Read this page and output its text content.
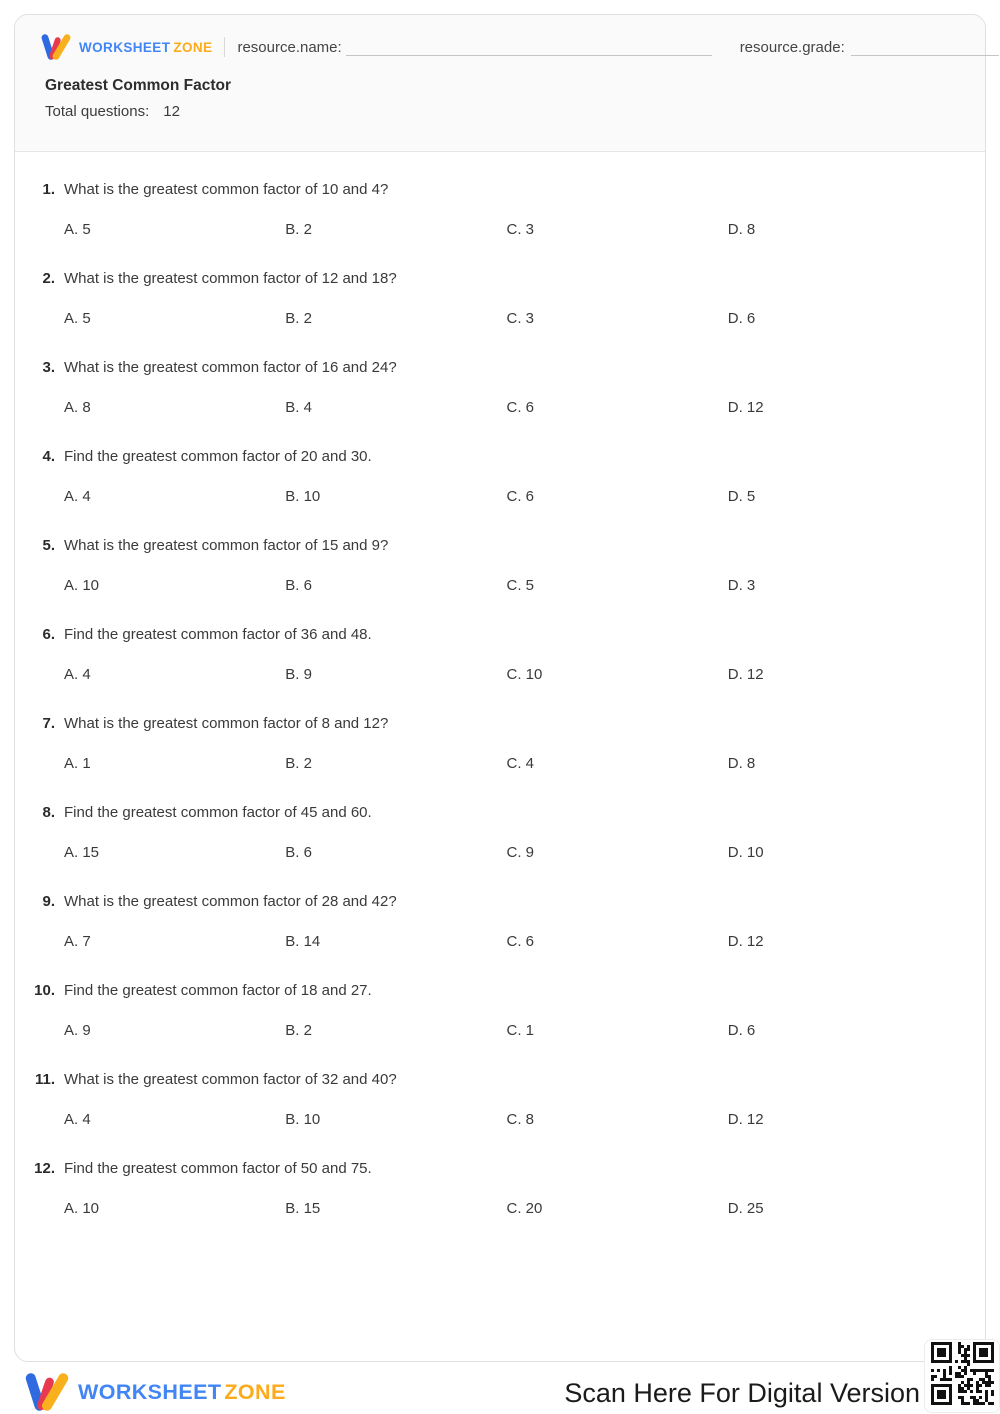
WORKSHEET ZONE resource.name:	resource.grade:
Greatest Common Factor
Total questions: 12
1. What is the greatest common factor of 10 and 4?
A. 5	B. 2	C. 3	D. 8
2. What is the greatest common factor of 12 and 18?
A. 5	B. 2	C. 3	D. 6
3. What is the greatest common factor of 16 and 24?
A. 8	B. 4	C. 6	D. 12
4. Find the greatest common factor of 20 and 30.
A. 4	B. 10	C. 6	D. 5
5. What is the greatest common factor of 15 and 9?
A. 10	B. 6	C. 5	D. 3
6. Find the greatest common factor of 36 and 48.
A. 4	B. 9	C. 10	D. 12
7. What is the greatest common factor of 8 and 12?
A. 1	B. 2	C. 4	D. 8
8. Find the greatest common factor of 45 and 60.
A. 15	B. 6	C. 9	D. 10
9. What is the greatest common factor of 28 and 42?
A. 7	B. 14	C. 6	D. 12
10. Find the greatest common factor of 18 and 27.
A. 9	B. 2	C. 1	D. 6
11. What is the greatest common factor of 32 and 40?
A. 4	B. 10	C. 8	D. 12
12. Find the greatest common factor of 50 and 75.
A. 10	B. 15	C. 20	D. 25
WORKSHEET ZONE	Scan Here For Digital Version
